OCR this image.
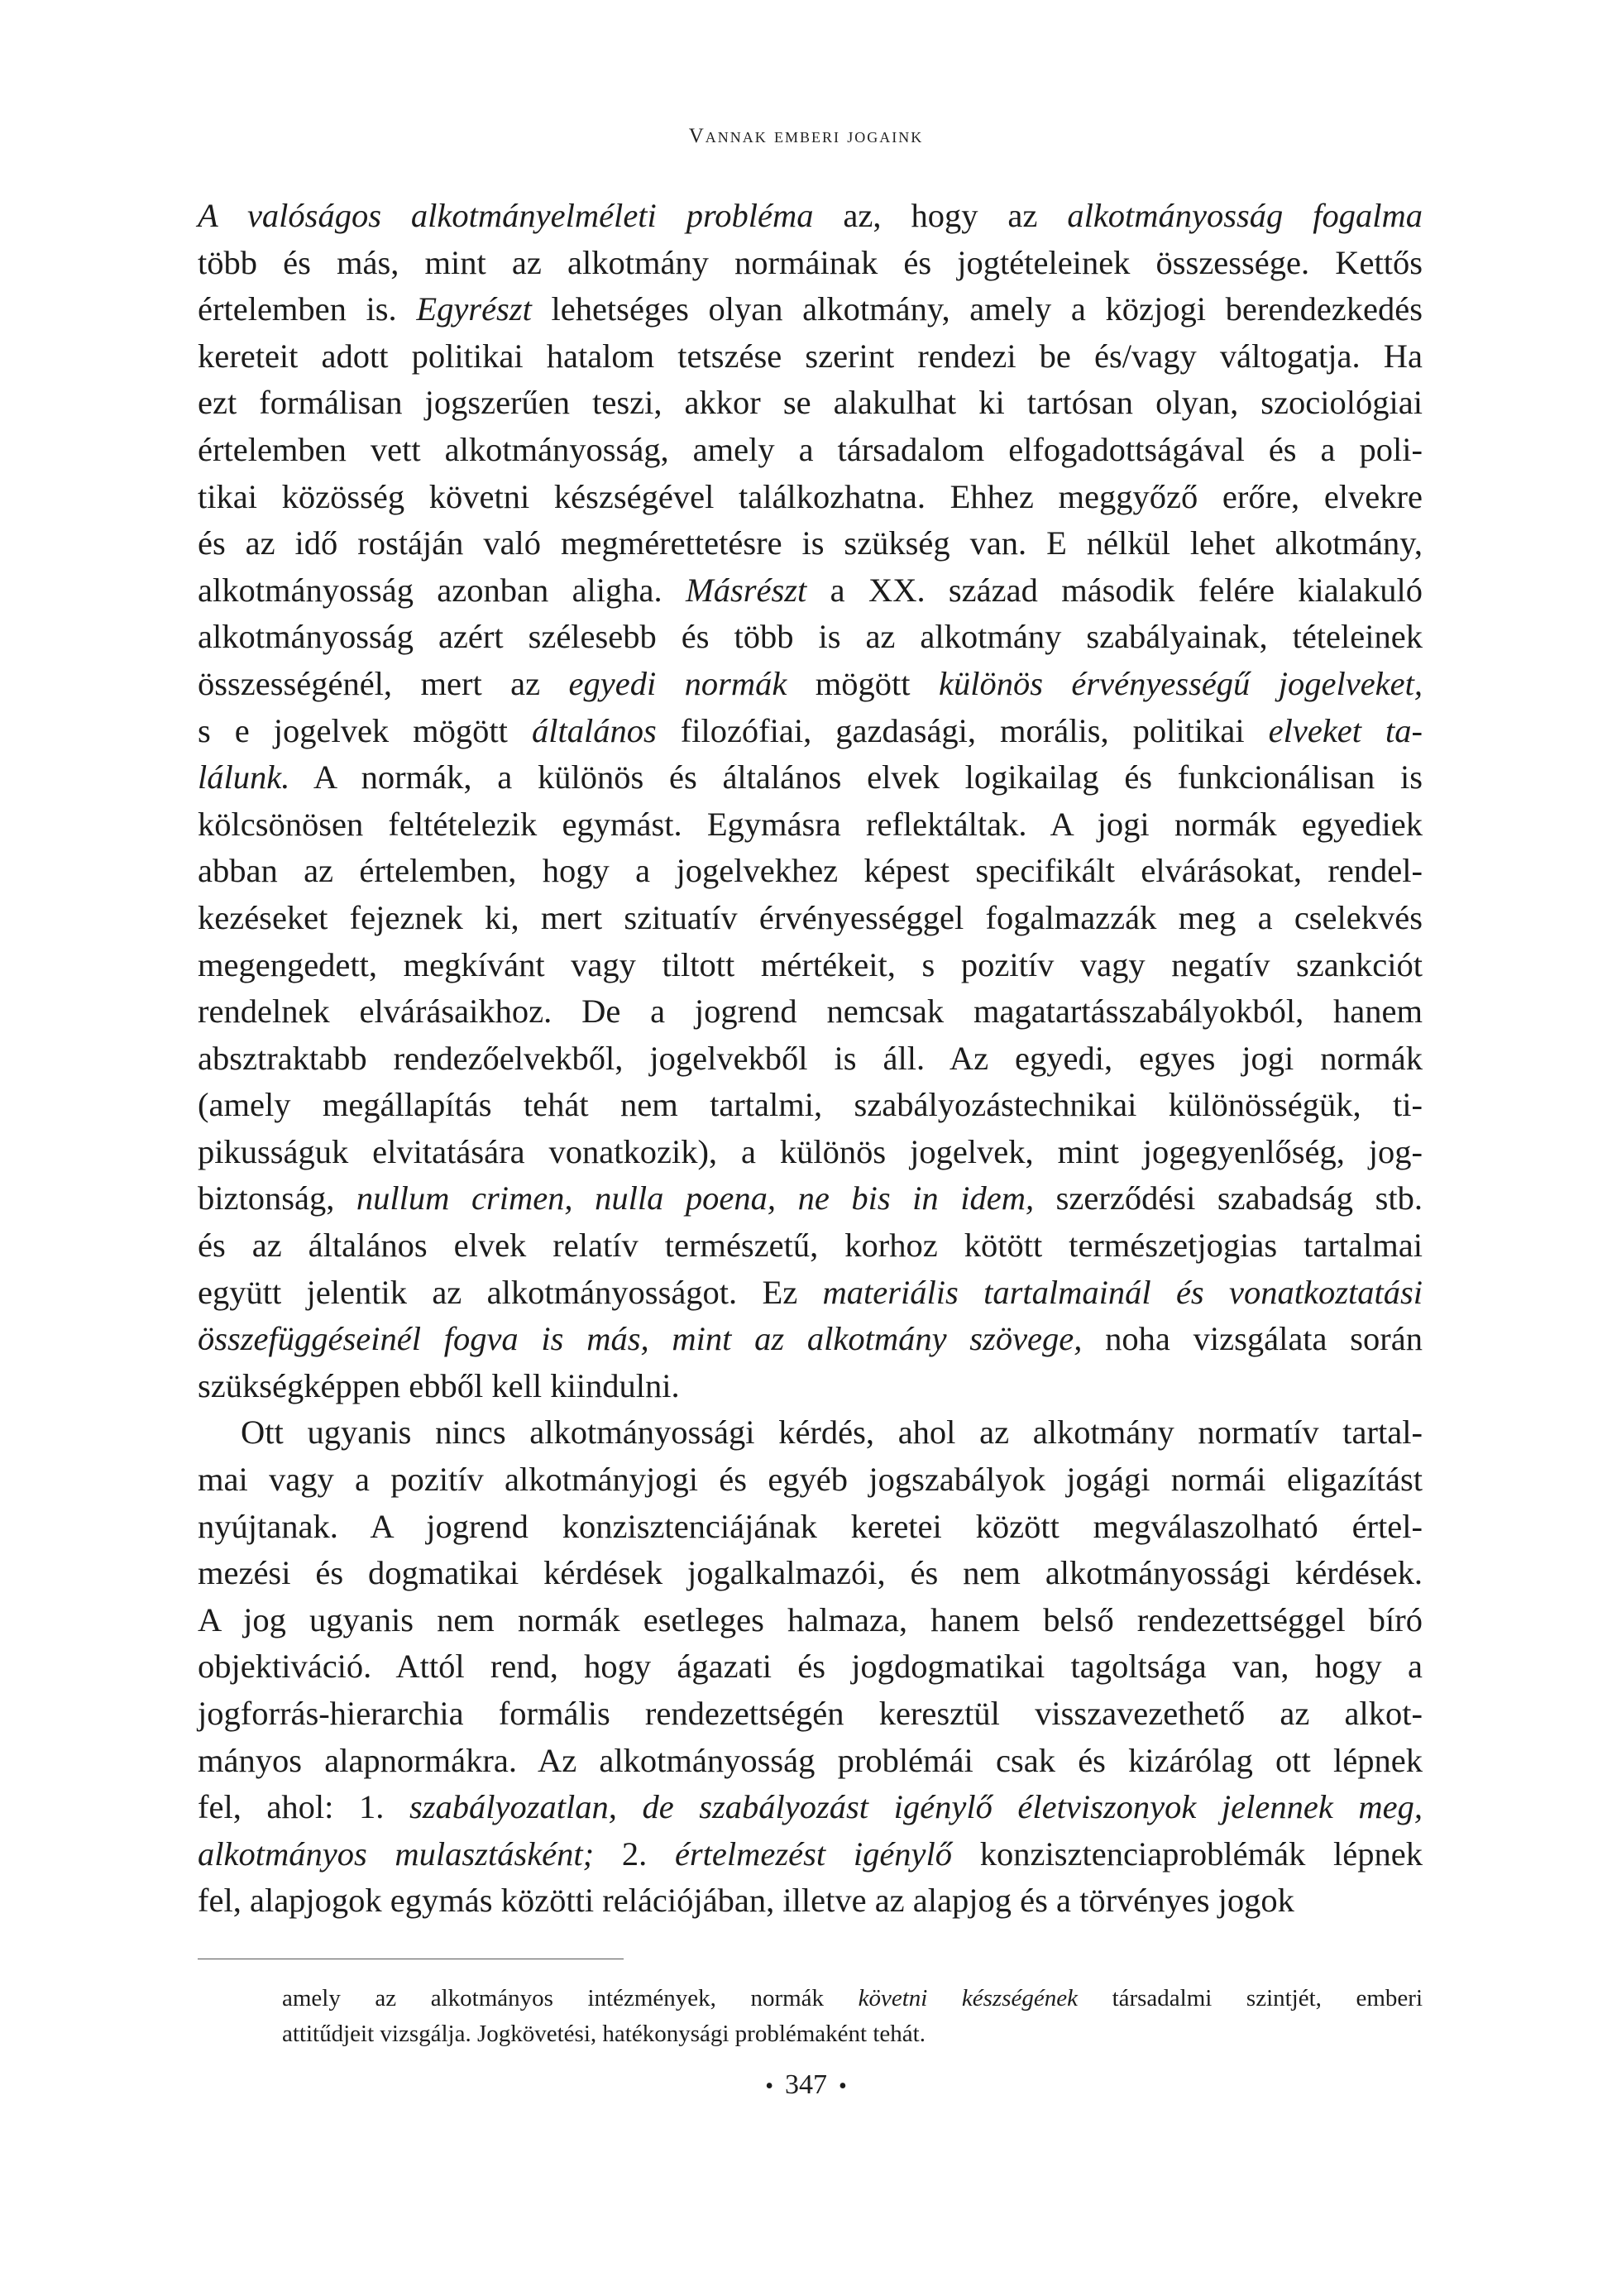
Vannak emberi jogaink
A valóságos alkotmányelméleti probléma az, hogy az alkotmányosság fogalma
több és más, mint az alkotmány normáinak és jogtételeinek összessége. Kettős
értelemben is. Egyrészt lehetséges olyan alkotmány, amely a közjogi berendezkedés
kereteit adott politikai hatalom tetszése szerint rendezi be és/vagy váltogatja. Ha
ezt formálisan jogszerűen teszi, akkor se alakulhat ki tartósan olyan, szociológiai
értelemben vett alkotmányosság, amely a társadalom elfogadottságával és a poli-
tikai közösség követni készségével találkozhatna. Ehhez meggyőző erőre, elvekre
és az idő rostáján való megmérettetésre is szükség van. E nélkül lehet alkotmány,
alkotmányosság azonban aligha. Másrészt a XX. század második felére kialakuló
alkotmányosság azért szélesebb és több is az alkotmány szabályainak, tételeinek
összességénél, mert az egyedi normák mögött különös érvényességű jogelveket,
s e jogelvek mögött általános filozófiai, gazdasági, morális, politikai elveket ta-
lálunk. A normák, a különös és általános elvek logikailag és funkcionálisan is
kölcsönösen feltételezik egymást. Egymásra reflektáltak. A jogi normák egyediek
abban az értelemben, hogy a jogelvekhez képest specifikált elvárásokat, rendel-
kezéseket fejeznek ki, mert szituatív érvényességgel fogalmazzák meg a cselekvés
megengedett, megkívánt vagy tiltott mértékeit, s pozitív vagy negatív szankciót
rendelnek elvárásaikhoz. De a jogrend nemcsak magatartásszabályokból, hanem
absztraktabb rendezőelvekből, jogelvekből is áll. Az egyedi, egyes jogi normák
(amely megállapítás tehát nem tartalmi, szabályozástechnikai különösségük, ti-
pikusságuk elvitatására vonatkozik), a különös jogelvek, mint jogegyenlőség, jog-
biztonság, nullum crimen, nulla poena, ne bis in idem, szerződési szabadság stb.
és az általános elvek relatív természetű, korhoz kötött természetjogias tartalmai
együtt jelentik az alkotmányosságot. Ez materiális tartalmainál és vonatkoztatási
összefüggéseinél fogva is más, mint az alkotmány szövege, noha vizsgálata során
szükségképpen ebből kell kiindulni.
Ott ugyanis nincs alkotmányossági kérdés, ahol az alkotmány normatív tartal-
mai vagy a pozitív alkotmányjogi és egyéb jogszabályok jogági normái eligazítást
nyújtanak. A jogrend konzisztenciájának keretei között megválaszolható értel-
mezési és dogmatikai kérdések jogalkalmazói, és nem alkotmányossági kérdések.
A jog ugyanis nem normák esetleges halmaza, hanem belső rendezettséggel bíró
objektiváció. Attól rend, hogy ágazati és jogdogmatikai tagoltsága van, hogy a
jogforrás-hierarchia formális rendezettségén keresztül visszavezethető az alkot-
mányos alapnormákra. Az alkotmányosság problémái csak és kizárólag ott lépnek
fel, ahol: 1. szabályozatlan, de szabályozást igénylő életviszonyok jelennek meg,
alkotmányos mulasztásként; 2. értelmezést igénylő konzisztenciaproblémák lépnek
fel, alapjogok egymás közötti relációjában, illetve az alapjog és a törvényes jogok
amely az alkotmányos intézmények, normák követni készségének társadalmi szintjét, emberi
attitűdjeit vizsgálja. Jogkövetési, hatékonysági problémaként tehát.
• 347 •
